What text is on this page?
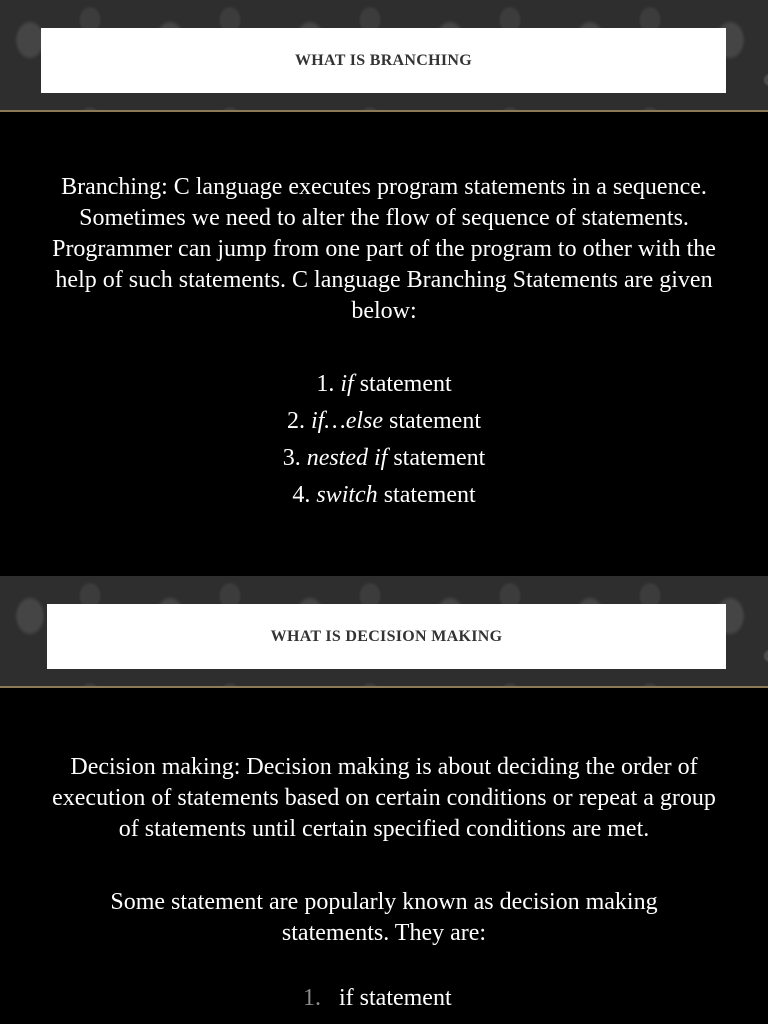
WHAT IS BRANCHING
Branching: C language executes program statements in a sequence. Sometimes we need to alter the flow of sequence of statements. Programmer can jump from one part of the program to other with the help of such statements. C language Branching Statements are given below:
1. if statement
2. if…else statement
3. nested if statement
4. switch statement
WHAT IS DECISION MAKING
Decision making: Decision making is about deciding the order of execution of statements based on certain conditions or repeat a group of statements until certain specified conditions are met.
Some statement are popularly known as decision making statements. They are:
1. if statement
